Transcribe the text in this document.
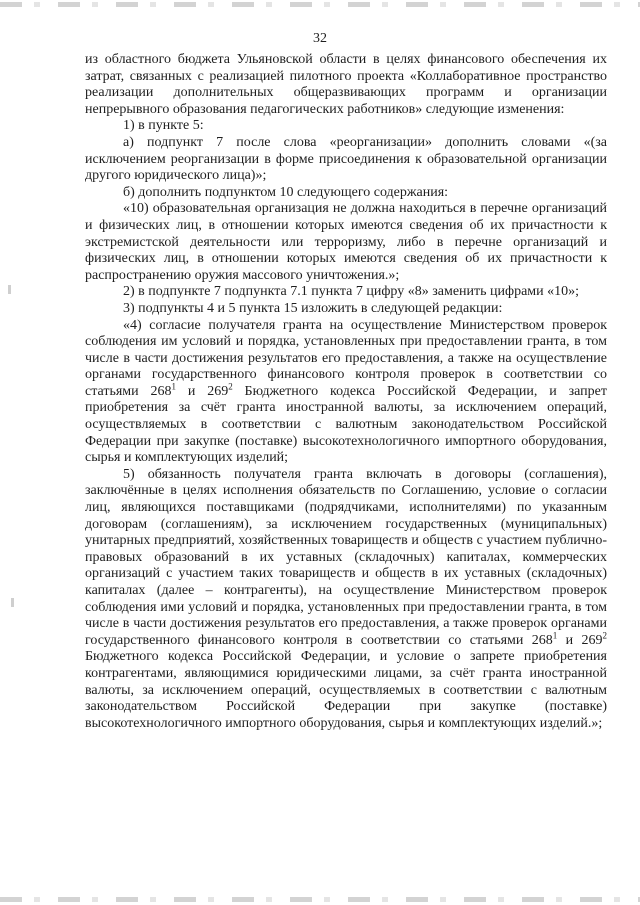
32

из областного бюджета Ульяновской области в целях финансового обеспечения их затрат, связанных с реализацией пилотного проекта «Коллаборативное пространство реализации дополнительных общеразвивающих программ и организации непрерывного образования педагогических работников» следующие изменения:

1) в пункте 5:

а) подпункт 7 после слова «реорганизации» дополнить словами «(за исключением реорганизации в форме присоединения к образовательной организации другого юридического лица)»;

б) дополнить подпунктом 10 следующего содержания:

«10) образовательная организация не должна находиться в перечне организаций и физических лиц, в отношении которых имеются сведения об их причастности к экстремистской деятельности или терроризму, либо в перечне организаций и физических лиц, в отношении которых имеются сведения об их причастности к распространению оружия массового уничтожения.»;

2) в подпункте 7 подпункта 7.1 пункта 7 цифру «8» заменить цифрами «10»;

3) подпункты 4 и 5 пункта 15 изложить в следующей редакции:

«4) согласие получателя гранта на осуществление Министерством проверок соблюдения им условий и порядка, установленных при предоставлении гранта, в том числе в части достижения результатов его предоставления, а также на осуществление органами государственного финансового контроля проверок в соответствии со статьями $268^1$ и $269^2$ Бюджетного кодекса Российской Федерации, и запрет приобретения за счёт гранта иностранной валюты, за исключением операций, осуществляемых в соответствии с валютным законодательством Российской Федерации при закупке (поставке) высокотехнологичного импортного оборудования, сырья и комплектующих изделий;

5) обязанность получателя гранта включать в договоры (соглашения), заключённые в целях исполнения обязательств по Соглашению, условие о согласии лиц, являющихся поставщиками (подрядчиками, исполнителями) по указанным договорам (соглашениям), за исключением государственных (муниципальных) унитарных предприятий, хозяйственных товариществ и обществ с участием публично-правовых образований в их уставных (складочных) капиталах, коммерческих организаций с участием таких товариществ и обществ в их уставных (складочных) капиталах (далее – контрагенты), на осуществление Министерством проверок соблюдения ими условий и порядка, установленных при предоставлении гранта, в том числе в части достижения результатов его предоставления, а также проверок органами государственного финансового контроля в соответствии со статьями $268^1$ и $269^2$ Бюджетного кодекса Российской Федерации, и условие о запрете приобретения контрагентами, являющимися юридическими лицами, за счёт гранта иностранной валюты, за исключением операций, осуществляемых в соответствии с валютным законодательством Российской Федерации при закупке (поставке) высокотехнологичного импортного оборудования, сырья и комплектующих изделий.»;
